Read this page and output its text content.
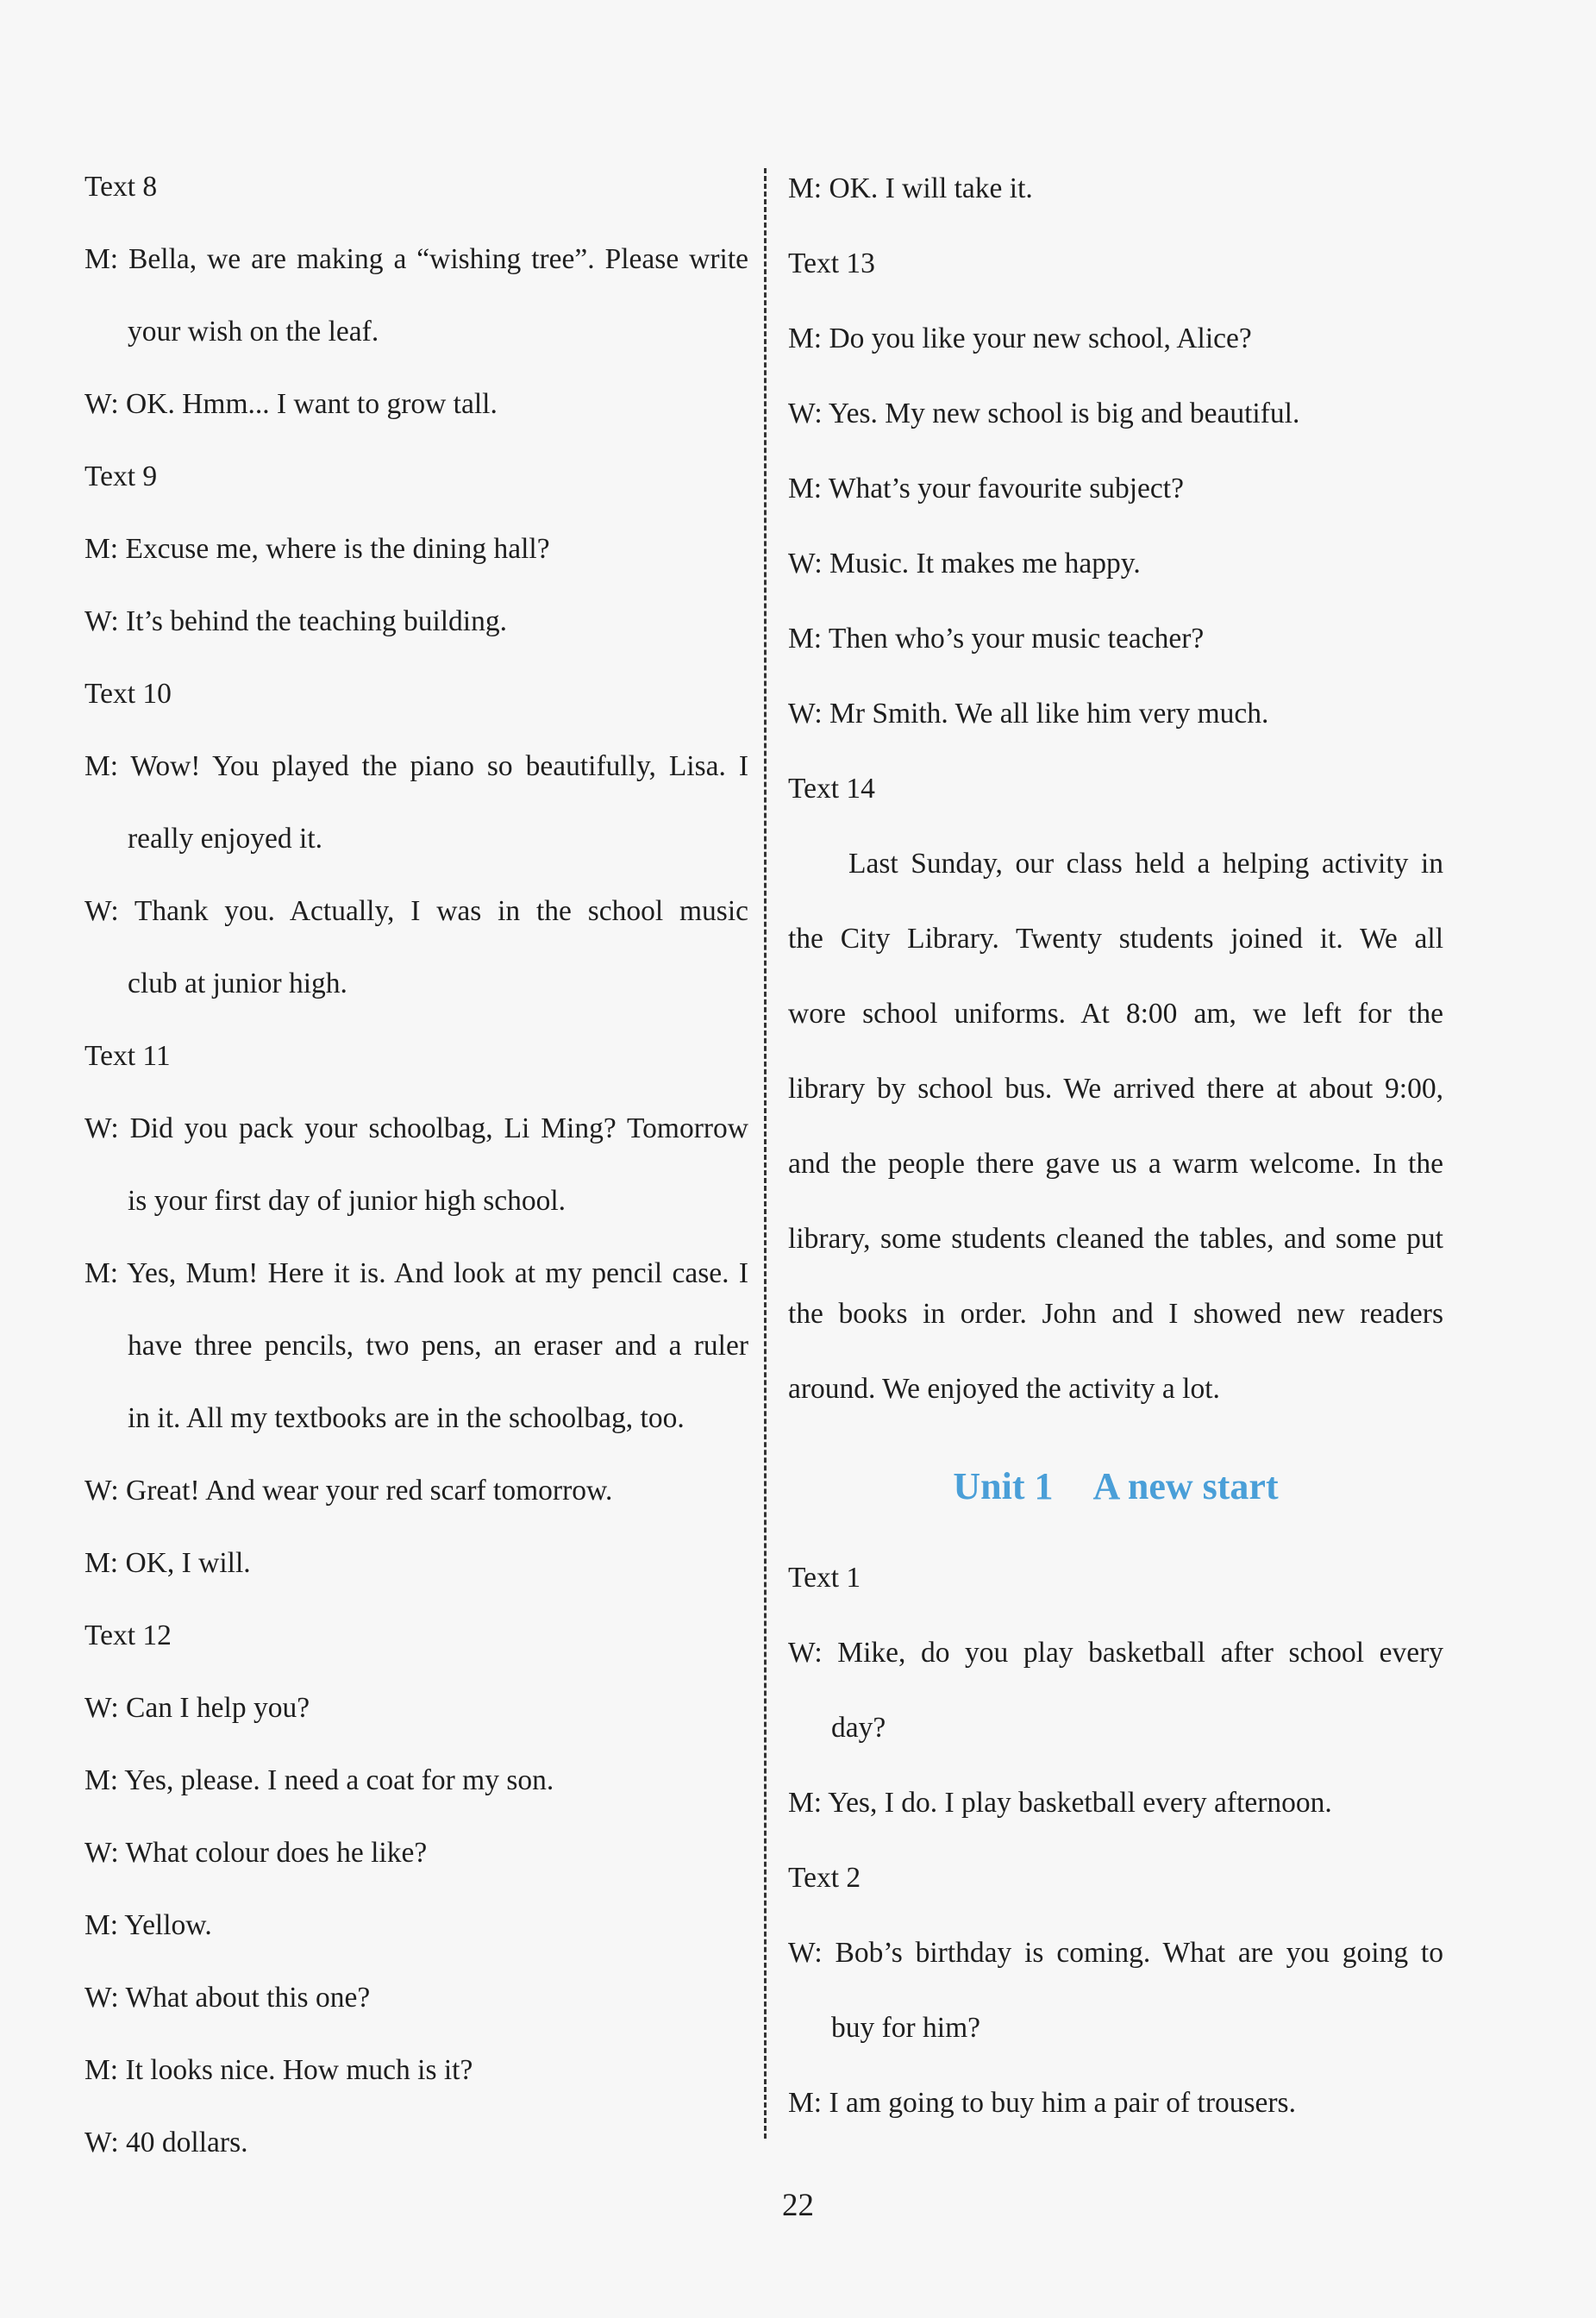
Text 8
M: Bella, we are making a “wishing tree”. Please write
your wish on the leaf.
W: OK. Hmm... I want to grow tall.
Text 9
M: Excuse me, where is the dining hall?
W: It’s behind the teaching building.
Text 10
M: Wow! You played the piano so beautifully, Lisa. I
really enjoyed it.
W: Thank you. Actually, I was in the school music
club at junior high.
Text 11
W: Did you pack your schoolbag, Li Ming? Tomorrow
is your first day of junior high school.
M: Yes, Mum! Here it is. And look at my pencil case. I
have three pencils, two pens, an eraser and a ruler
in it. All my textbooks are in the schoolbag, too.
W: Great! And wear your red scarf tomorrow.
M: OK, I will.
Text 12
W: Can I help you?
M: Yes, please. I need a coat for my son.
W: What colour does he like?
M: Yellow.
W: What about this one?
M: It looks nice. How much is it?
W: 40 dollars.
M: OK. I will take it.
Text 13
M: Do you like your new school, Alice?
W: Yes. My new school is big and beautiful.
M: What’s your favourite subject?
W: Music. It makes me happy.
M: Then who’s your music teacher?
W: Mr Smith. We all like him very much.
Text 14
Last Sunday, our class held a helping activity in
the City Library. Twenty students joined it. We all
wore school uniforms. At 8:00 am, we left for the
library by school bus. We arrived there at about 9:00,
and the people there gave us a warm welcome. In the
library, some students cleaned the tables, and some put
the books in order. John and I showed new readers
around. We enjoyed the activity a lot.
Unit 1 A new start
Text 1
W: Mike, do you play basketball after school every
day?
M: Yes, I do. I play basketball every afternoon.
Text 2
W: Bob’s birthday is coming. What are you going to
buy for him?
M: I am going to buy him a pair of trousers.
22
